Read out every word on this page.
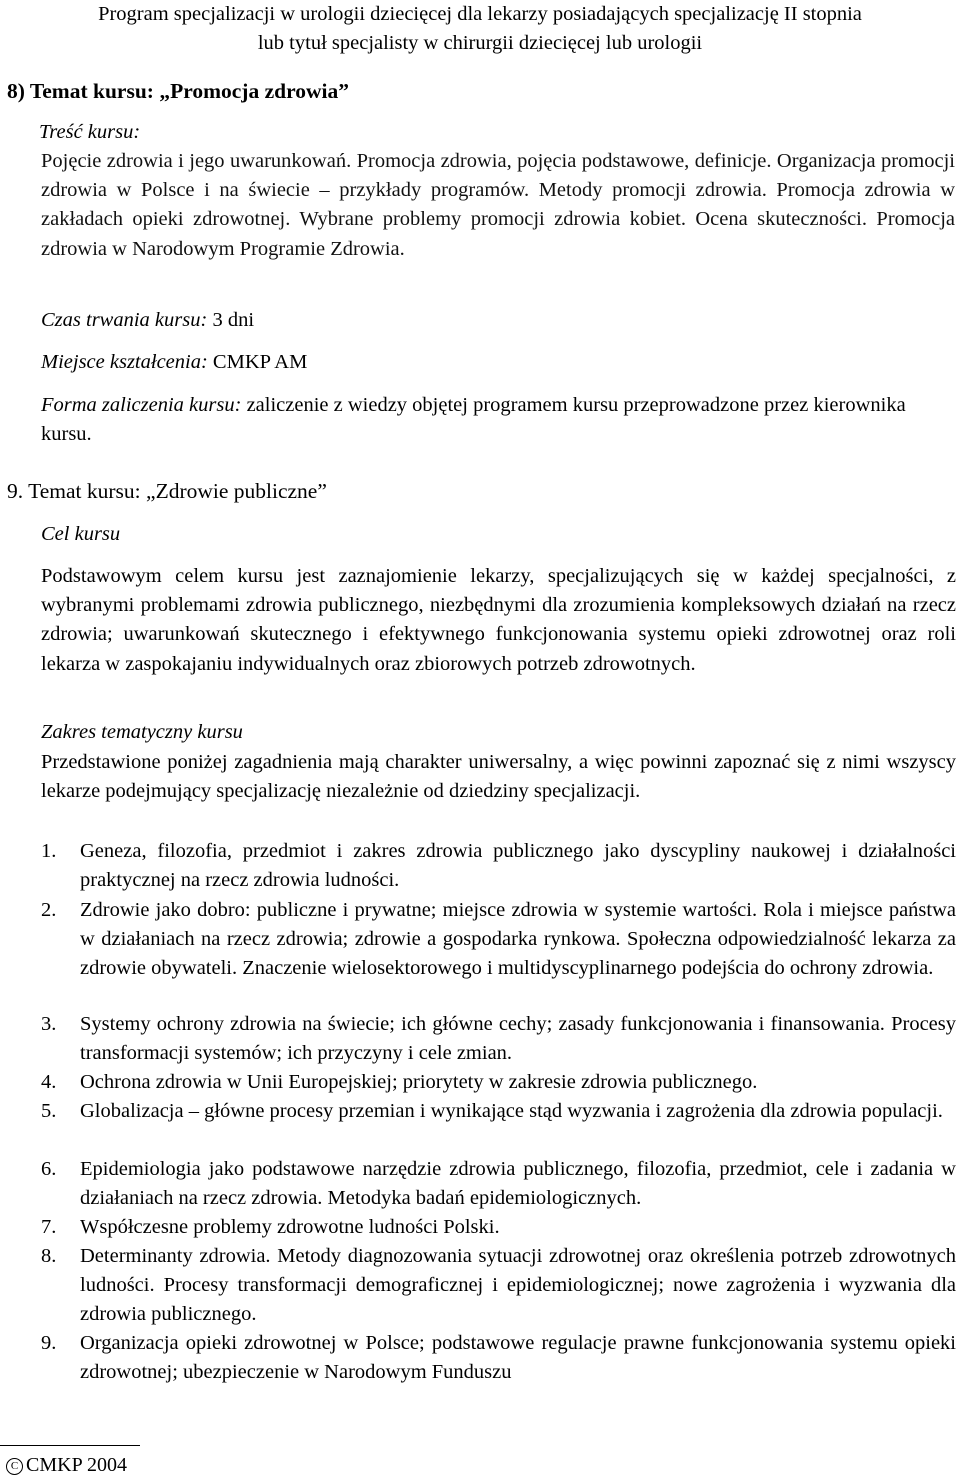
Program specjalizacji w urologii dziecięcej dla lekarzy posiadających specjalizację II stopnia
lub tytuł specjalisty w chirurgii dziecięcej lub urologii
8) Temat kursu: „Promocja zdrowia”
Treść kursu:
Pojęcie zdrowia i jego uwarunkowań. Promocja zdrowia, pojęcia podstawowe, definicje. Organizacja promocji zdrowia w Polsce i na świecie – przykłady programów. Metody promocji zdrowia. Promocja zdrowia w zakładach opieki zdrowotnej. Wybrane problemy promocji zdrowia kobiet. Ocena skuteczności. Promocja zdrowia w Narodowym Programie Zdrowia.
Czas trwania kursu: 3 dni
Miejsce kształcenia: CMKP AM
Forma zaliczenia kursu: zaliczenie z wiedzy objętej programem kursu przeprowadzone przez kierownika kursu.
9. Temat kursu: „Zdrowie publiczne”
Cel kursu
Podstawowym celem kursu jest zaznajomienie lekarzy, specjalizujących się w każdej specjalności, z wybranymi problemami zdrowia publicznego, niezbędnymi dla zrozumienia kompleksowych działań na rzecz zdrowia; uwarunkowań skutecznego i efektywnego funkcjonowania systemu opieki zdrowotnej oraz roli lekarza w zaspokajaniu indywidualnych oraz zbiorowych potrzeb zdrowotnych.
Zakres tematyczny kursu
Przedstawione poniżej zagadnienia mają charakter uniwersalny, a więc powinni zapoznać się z nimi wszyscy lekarze podejmujący specjalizację niezależnie od dziedziny specjalizacji.
1. Geneza, filozofia, przedmiot i zakres zdrowia publicznego jako dyscypliny naukowej i działalności praktycznej na rzecz zdrowia ludności.
2. Zdrowie jako dobro: publiczne i prywatne; miejsce zdrowia w systemie wartości. Rola i miejsce państwa w działaniach na rzecz zdrowia; zdrowie a gospodarka rynkowa. Społeczna odpowiedzialność lekarza za zdrowie obywateli. Znaczenie wielosektorowego i multidyscyplinarnego podejścia do ochrony zdrowia.
3. Systemy ochrony zdrowia na świecie; ich główne cechy; zasady funkcjonowania i finansowania. Procesy transformacji systemów; ich przyczyny i cele zmian.
4. Ochrona zdrowia w Unii Europejskiej; priorytety w zakresie zdrowia publicznego.
5. Globalizacja – główne procesy przemian i wynikające stąd wyzwania i zagrożenia dla zdrowia populacji.
6. Epidemiologia jako podstawowe narzędzie zdrowia publicznego, filozofia, przedmiot, cele i zadania w działaniach na rzecz zdrowia. Metodyka badań epidemiologicznych.
7. Współczesne problemy zdrowotne ludności Polski.
8. Determinanty zdrowia. Metody diagnozowania sytuacji zdrowotnej oraz określenia potrzeb zdrowotnych ludności. Procesy transformacji demograficznej i epidemiologicznej; nowe zagrożenia i wyzwania dla zdrowia publicznego.
9. Organizacja opieki zdrowotnej w Polsce; podstawowe regulacje prawne funkcjonowania systemu opieki zdrowotnej; ubezpieczenie w Narodowym Funduszu
C CMKP 2004
